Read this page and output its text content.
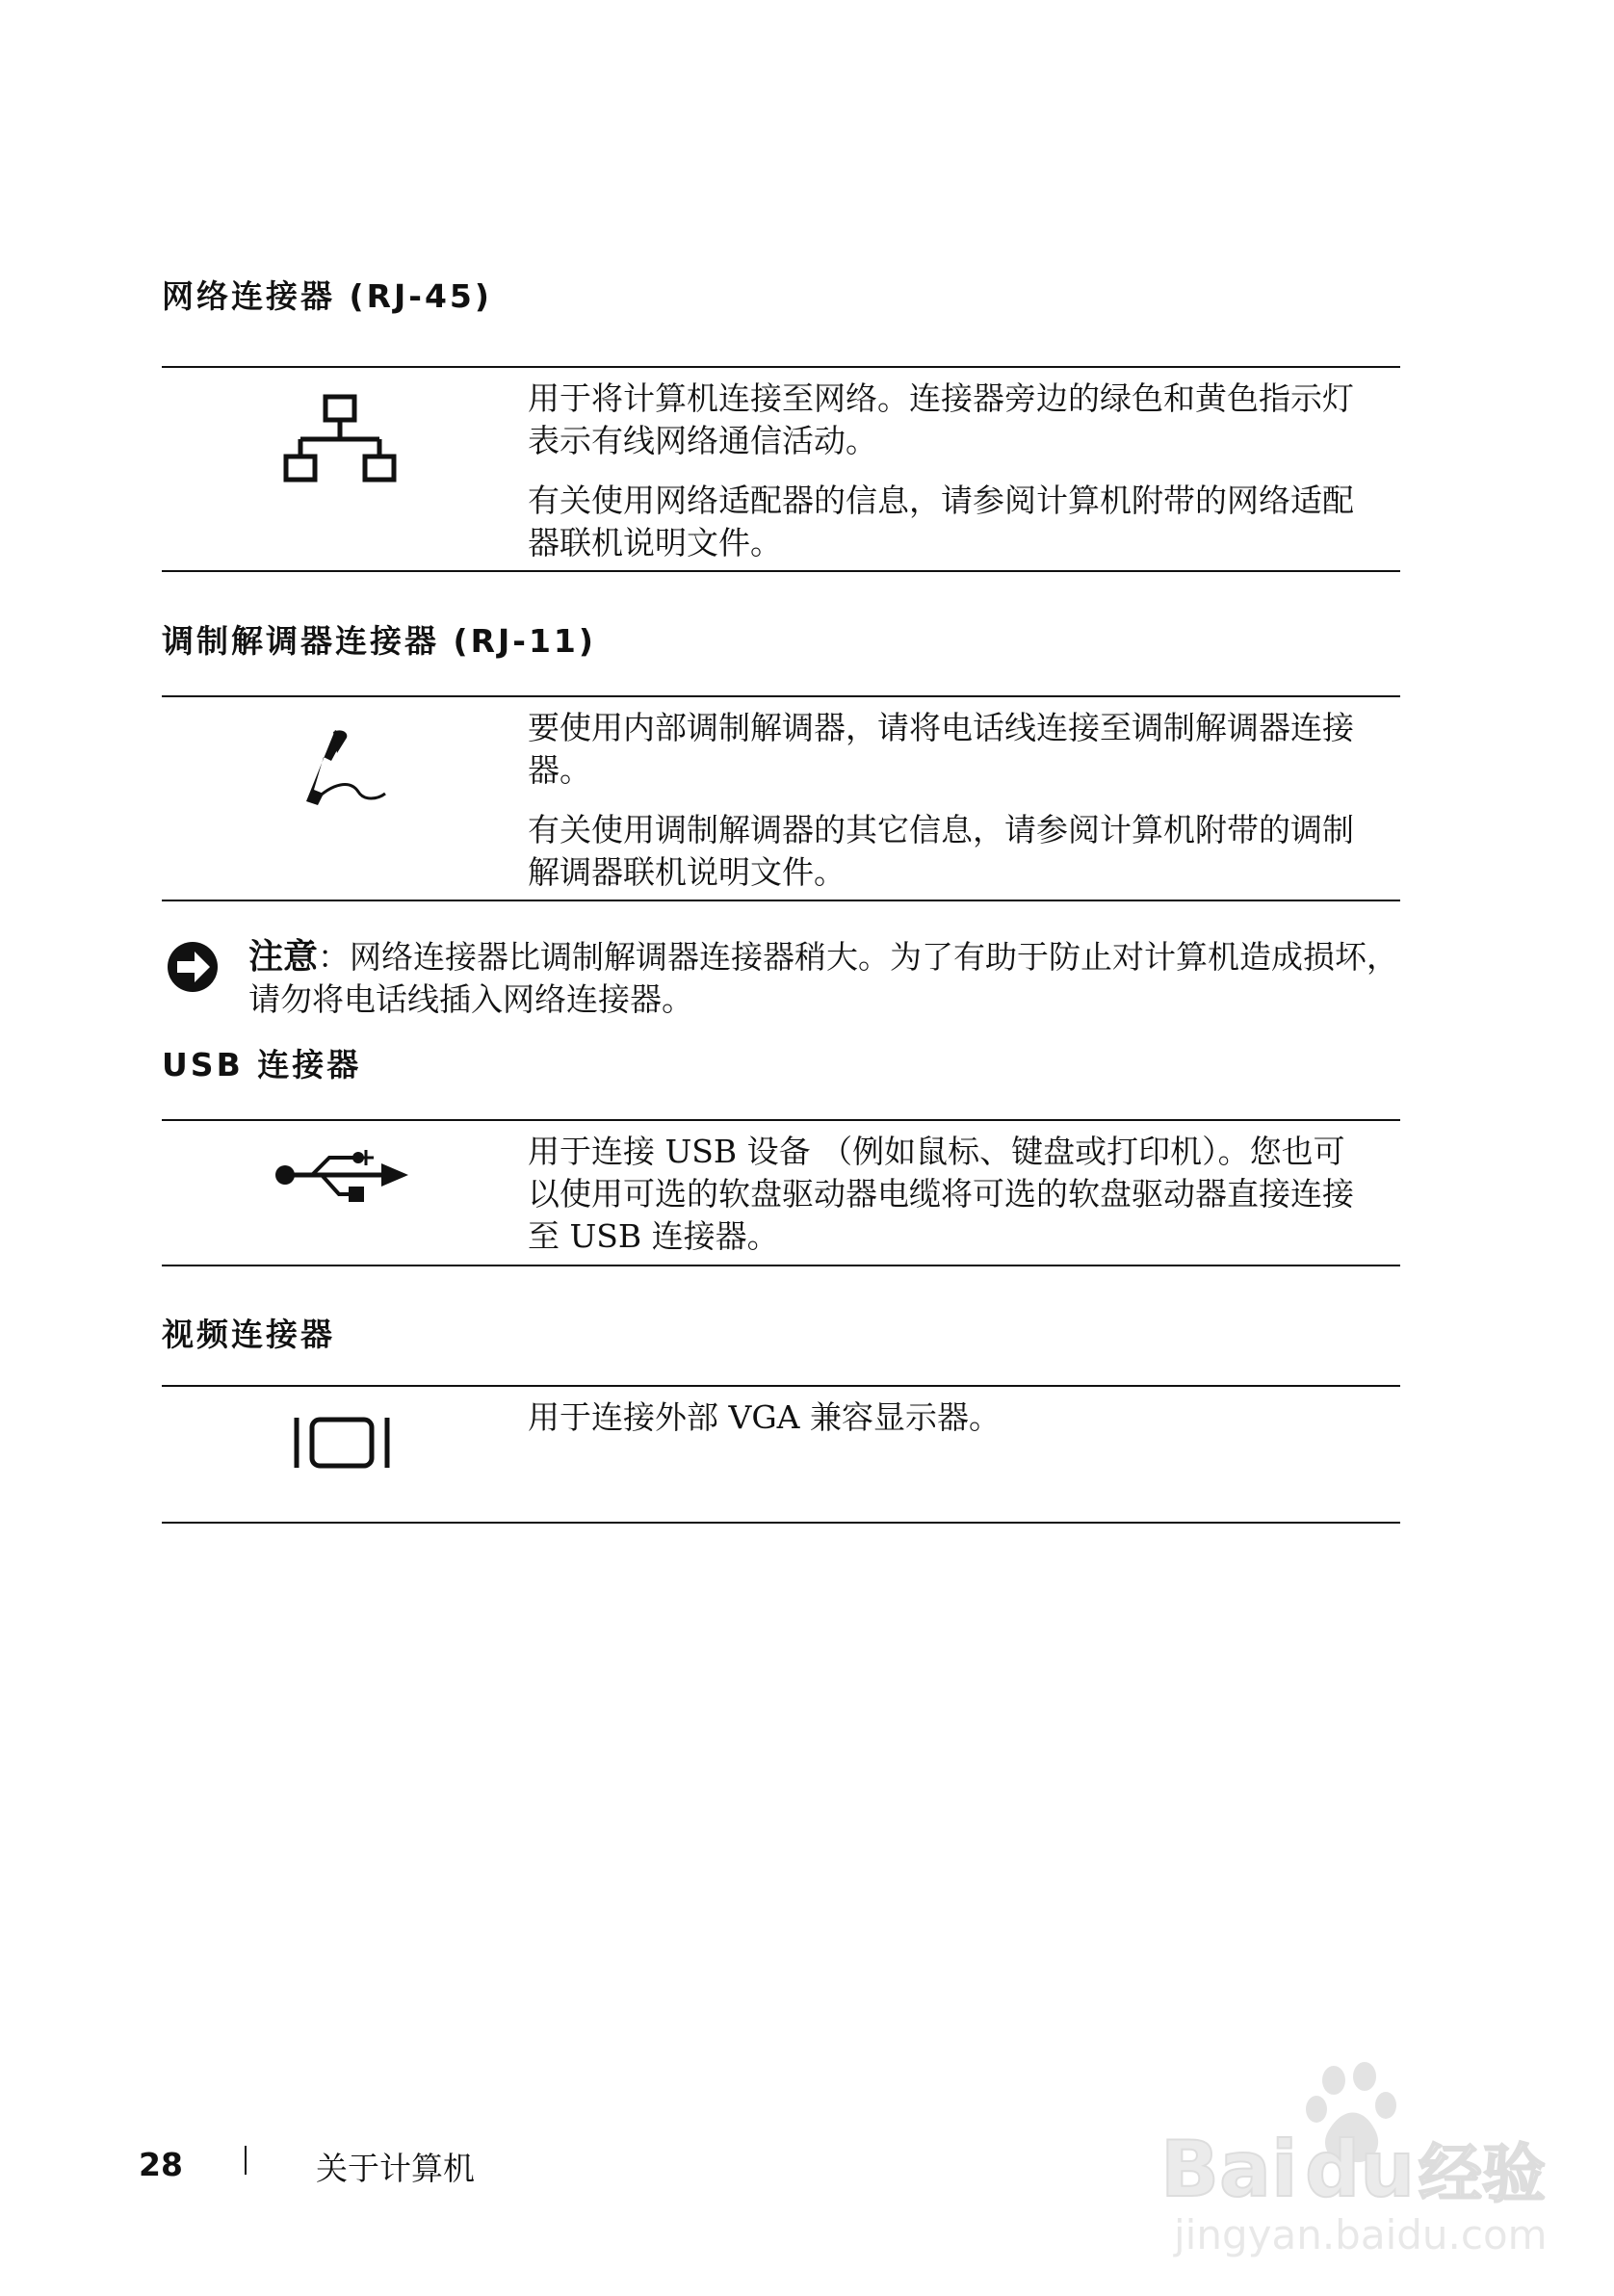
网络连接器 (RJ-45)

用于将计算机连接至网络。连接器旁边的绿色和黄色指示灯表示有线网络通信活动。

有关使用网络适配器的信息，请参阅计算机附带的网络适配器联机说明文件。

调制解调器连接器 (RJ-11)

要使用内部调制解调器，请将电话线连接至调制解调器连接器。

有关使用调制解调器的其它信息，请参阅计算机附带的调制解调器联机说明文件。

注意：网络连接器比调制解调器连接器稍大。为了有助于防止对计算机造成损坏，请勿将电话线插入网络连接器。
USB 连接器

用于连接 USB 设备 （例如鼠标、键盘或打印机）。您也可以使用可选的软盘驱动器电缆将可选的软盘驱动器直接连接至 USB 连接器。

视频连接器

用于连接外部 VGA 兼容显示器。

28	关于计算机	Bai du 经验
jingyan.baidu.com
